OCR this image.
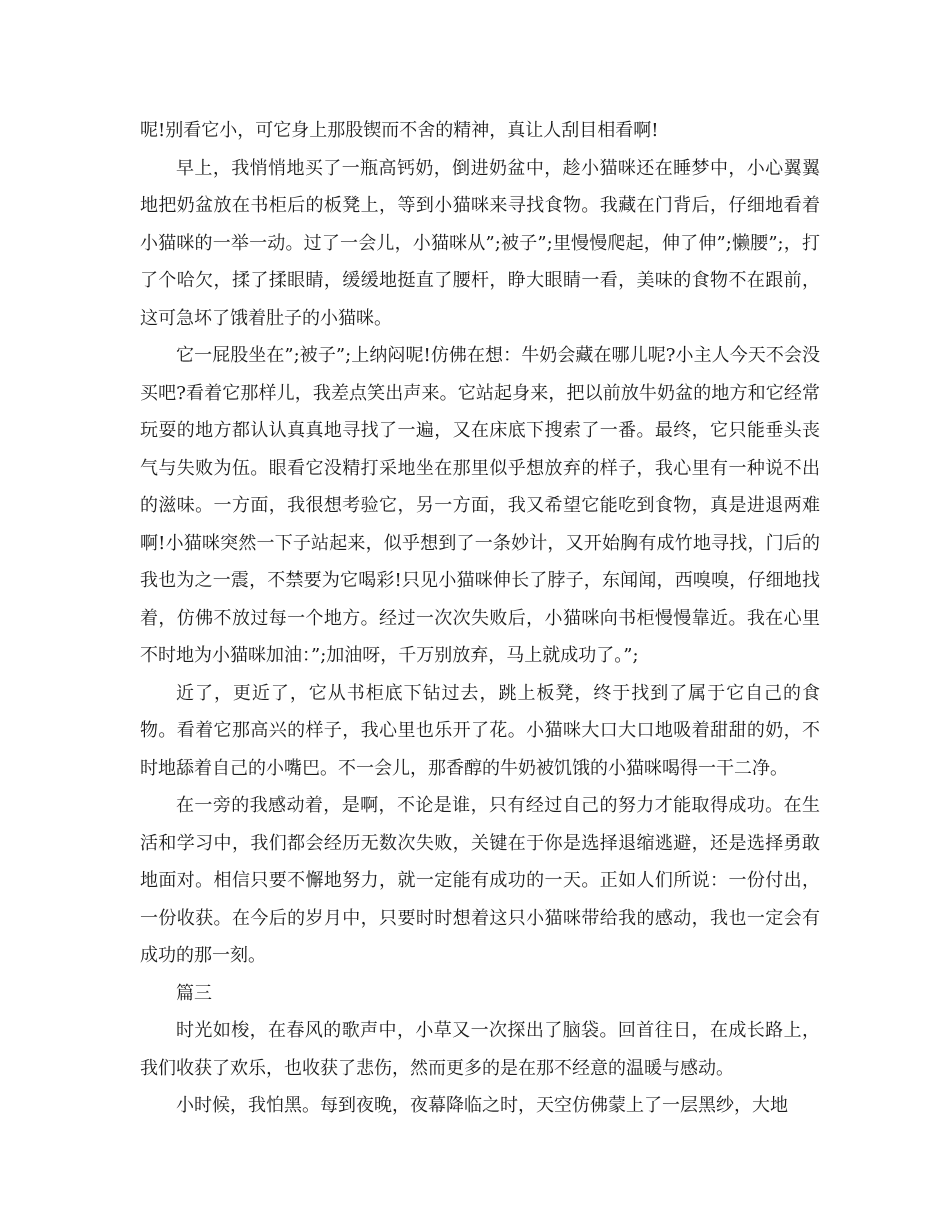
呢!别看它小，可它身上那股锲而不舍的精神，真让人刮目相看啊!

早上，我悄悄地买了一瓶高钙奶，倒进奶盆中，趁小猫咪还在睡梦中，小心翼翼地把奶盆放在书柜后的板凳上，等到小猫咪来寻找食物。我藏在门背后，仔细地看着小猫咪的一举一动。过了一会儿，小猫咪从”;被子”;里慢慢爬起，伸了伸”;懒腰”;，打了个哈欠，揉了揉眼睛，缓缓地挺直了腰杆，睁大眼睛一看，美味的食物不在跟前，这可急坏了饿着肚子的小猫咪。

它一屁股坐在”;被子”;上纳闷呢!仿佛在想：牛奶会藏在哪儿呢?小主人今天不会没买吧?看着它那样儿，我差点笑出声来。它站起身来，把以前放牛奶盆的地方和它经常玩耍的地方都认认真真地寻找了一遍，又在床底下搜索了一番。最终，它只能垂头丧气与失败为伍。眼看它没精打采地坐在那里似乎想放弃的样子，我心里有一种说不出的滋味。一方面，我很想考验它，另一方面，我又希望它能吃到食物，真是进退两难啊!小猫咪突然一下子站起来，似乎想到了一条妙计，又开始胸有成竹地寻找，门后的我也为之一震，不禁要为它喝彩!只见小猫咪伸长了脖子，东闻闻，西嗅嗅，仔细地找着，仿佛不放过每一个地方。经过一次次失败后，小猫咪向书柜慢慢靠近。我在心里不时地为小猫咪加油：”;加油呀，千万别放弃，马上就成功了。”;

近了，更近了，它从书柜底下钻过去，跳上板凳，终于找到了属于它自己的食物。看着它那高兴的样子，我心里也乐开了花。小猫咪大口大口地吸着甜甜的奶，不时地舔着自己的小嘴巴。不一会儿，那香醇的牛奶被饥饿的小猫咪喝得一干二净。

在一旁的我感动着，是啊，不论是谁，只有经过自己的努力才能取得成功。在生活和学习中，我们都会经历无数次失败，关键在于你是选择退缩逃避，还是选择勇敢地面对。相信只要不懈地努力，就一定能有成功的一天。正如人们所说：一份付出，一份收获。在今后的岁月中，只要时时想着这只小猫咪带给我的感动，我也一定会有成功的那一刻。

篇三

时光如梭，在春风的歌声中，小草又一次探出了脑袋。回首往日，在成长路上，我们收获了欢乐，也收获了悲伤，然而更多的是在那不经意的温暖与感动。

小时候，我怕黑。每到夜晚，夜幕降临之时，天空仿佛蒙上了一层黑纱，大地
